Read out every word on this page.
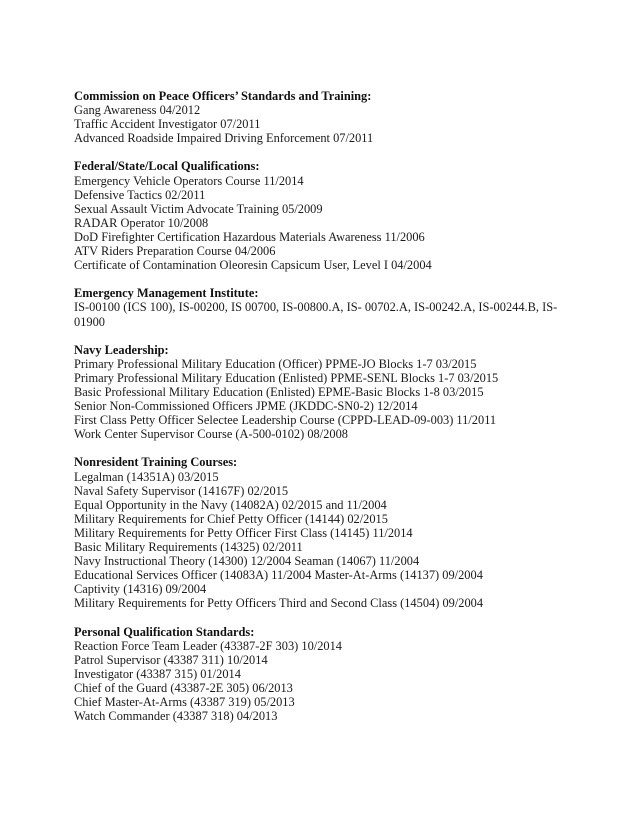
Commission on Peace Officers’ Standards and Training:

Gang Awareness 04/2012

Traffic Accident Investigator 07/2011

Advanced Roadside Impaired Driving Enforcement 07/2011

Federal/State/Local Qualifications:

Emergency Vehicle Operators Course 11/2014

Defensive Tactics 02/2011

Sexual Assault Victim Advocate Training 05/2009

RADAR Operator 10/2008

DoD Firefighter Certification Hazardous Materials Awareness 11/2006

ATV Riders Preparation Course 04/2006

Certificate of Contamination Oleoresin Capsicum User, Level I 04/2004

Emergency Management Institute:

IS-00100 (ICS 100), IS-00200, IS 00700, IS-00800.A, IS- 00702.A, IS-00242.A, IS-00244.B, IS-

01900

Navy Leadership:

Primary Professional Military Education (Officer) PPME-JO Blocks 1-7 03/2015

Primary Professional Military Education (Enlisted) PPME-SENL Blocks 1-7 03/2015

Basic Professional Military Education (Enlisted) EPME-Basic Blocks 1-8 03/2015

Senior Non-Commissioned Officers JPME (JKDDC-SN0-2) 12/2014

First Class Petty Officer Selectee Leadership Course (CPPD-LEAD-09-003) 11/2011

Work Center Supervisor Course (A-500-0102) 08/2008

Nonresident Training Courses:

Legalman (14351A) 03/2015

Naval Safety Supervisor (14167F) 02/2015

Equal Opportunity in the Navy (14082A) 02/2015 and 11/2004

Military Requirements for Chief Petty Officer (14144) 02/2015

Military Requirements for Petty Officer First Class (14145) 11/2014

Basic Military Requirements (14325) 02/2011

Navy Instructional Theory (14300) 12/2004 Seaman (14067) 11/2004

Educational Services Officer (14083A) 11/2004 Master-At-Arms (14137) 09/2004

Captivity (14316) 09/2004

Military Requirements for Petty Officers Third and Second Class (14504) 09/2004

Personal Qualification Standards:

Reaction Force Team Leader (43387-2F 303) 10/2014

Patrol Supervisor (43387 311) 10/2014

Investigator (43387 315) 01/2014

Chief of the Guard (43387-2E 305) 06/2013

Chief Master-At-Arms (43387 319) 05/2013

Watch Commander (43387 318) 04/2013
